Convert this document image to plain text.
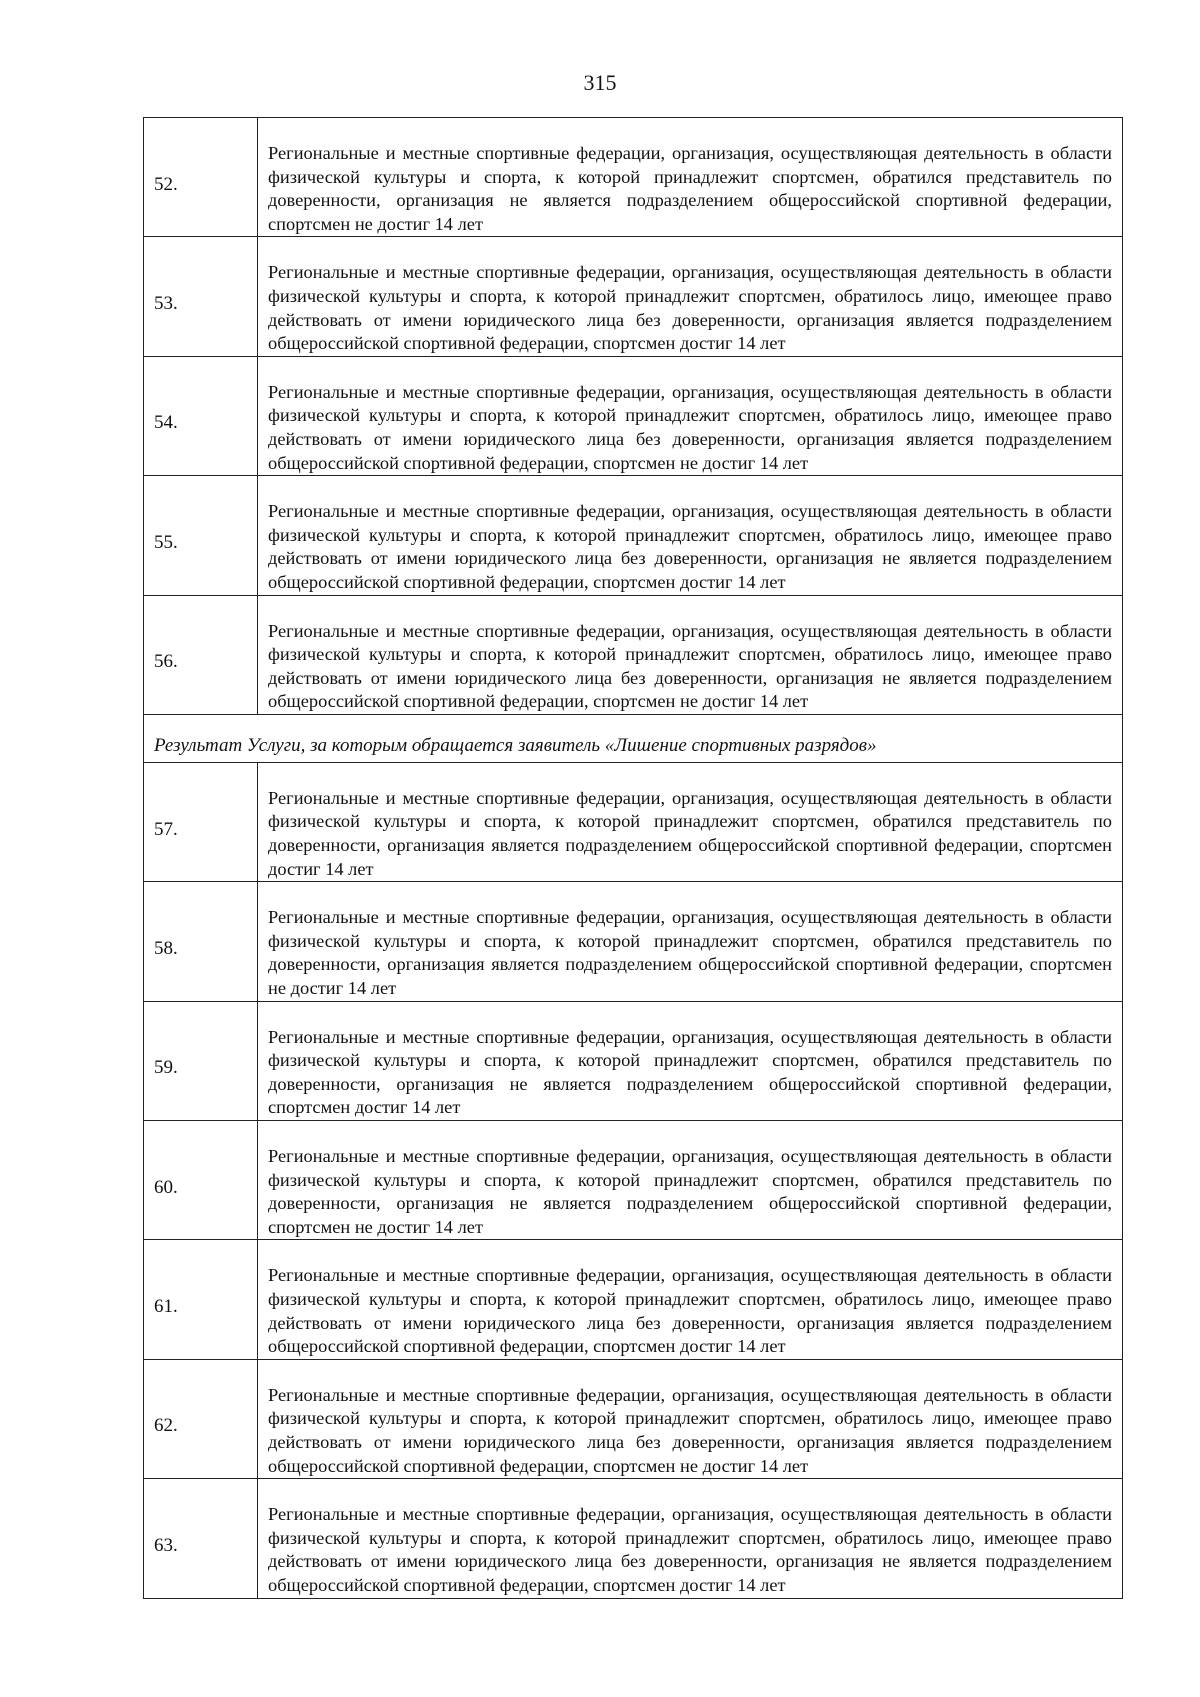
315
52.	Региональные и местные спортивные федерации, организация, осуществляющая деятельность в области физической культуры и спорта, к которой принадлежит спортсмен, обратился представитель по доверенности, организация не является подразделением общероссийской спортивной федерации, спортсмен не достиг 14 лет
53.	Региональные и местные спортивные федерации, организация, осуществляющая деятельность в области физической культуры и спорта, к которой принадлежит спортсмен, обратилось лицо, имеющее право действовать от имени юридического лица без доверенности, организация является подразделением общероссийской спортивной федерации, спортсмен достиг 14 лет
54.	Региональные и местные спортивные федерации, организация, осуществляющая деятельность в области физической культуры и спорта, к которой принадлежит спортсмен, обратилось лицо, имеющее право действовать от имени юридического лица без доверенности, организация является подразделением общероссийской спортивной федерации, спортсмен не достиг 14 лет
55.	Региональные и местные спортивные федерации, организация, осуществляющая деятельность в области физической культуры и спорта, к которой принадлежит спортсмен, обратилось лицо, имеющее право действовать от имени юридического лица без доверенности, организация не является подразделением общероссийской спортивной федерации, спортсмен достиг 14 лет
56.	Региональные и местные спортивные федерации, организация, осуществляющая деятельность в области физической культуры и спорта, к которой принадлежит спортсмен, обратилось лицо, имеющее право действовать от имени юридического лица без доверенности, организация не является подразделением общероссийской спортивной федерации, спортсмен не достиг 14 лет
Результат Услуги, за которым обращается заявитель «Лишение спортивных разрядов»	
57.	Региональные и местные спортивные федерации, организация, осуществляющая деятельность в области физической культуры и спорта, к которой принадлежит спортсмен, обратился представитель по доверенности, организация является подразделением общероссийской спортивной федерации, спортсмен достиг 14 лет
58.	Региональные и местные спортивные федерации, организация, осуществляющая деятельность в области физической культуры и спорта, к которой принадлежит спортсмен, обратился представитель по доверенности, организация является подразделением общероссийской спортивной федерации, спортсмен не достиг 14 лет
59.	Региональные и местные спортивные федерации, организация, осуществляющая деятельность в области физической культуры и спорта, к которой принадлежит спортсмен, обратился представитель по доверенности, организация не является подразделением общероссийской спортивной федерации, спортсмен достиг 14 лет
60.	Региональные и местные спортивные федерации, организация, осуществляющая деятельность в области физической культуры и спорта, к которой принадлежит спортсмен, обратился представитель по доверенности, организация не является подразделением общероссийской спортивной федерации, спортсмен не достиг 14 лет
61.	Региональные и местные спортивные федерации, организация, осуществляющая деятельность в области физической культуры и спорта, к которой принадлежит спортсмен, обратилось лицо, имеющее право действовать от имени юридического лица без доверенности, организация является подразделением общероссийской спортивной федерации, спортсмен достиг 14 лет
62.	Региональные и местные спортивные федерации, организация, осуществляющая деятельность в области физической культуры и спорта, к которой принадлежит спортсмен, обратилось лицо, имеющее право действовать от имени юридического лица без доверенности, организация является подразделением общероссийской спортивной федерации, спортсмен не достиг 14 лет
63.	Региональные и местные спортивные федерации, организация, осуществляющая деятельность в области физической культуры и спорта, к которой принадлежит спортсмен, обратилось лицо, имеющее право действовать от имени юридического лица без доверенности, организация не является подразделением общероссийской спортивной федерации, спортсмен достиг 14 лет
